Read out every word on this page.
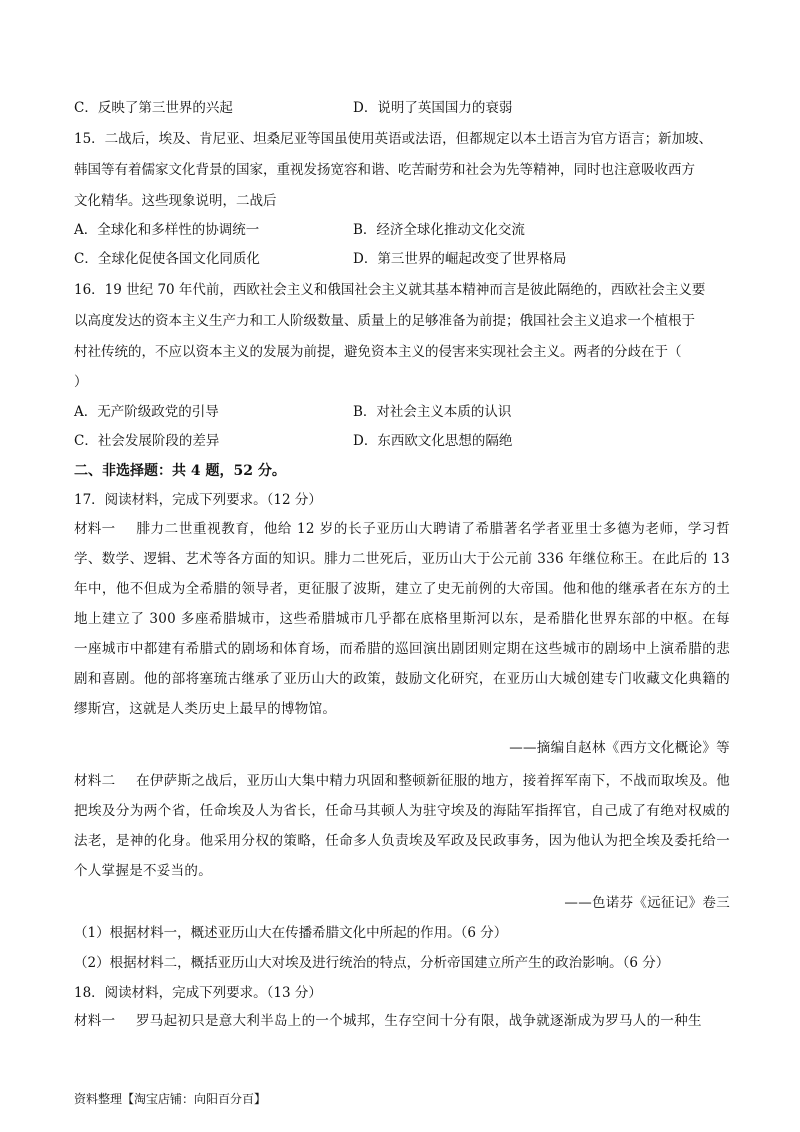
C．反映了第三世界的兴起	D．说明了英国国力的衰弱
15．二战后，埃及、肯尼亚、坦桑尼亚等国虽使用英语或法语，但都规定以本土语言为官方语言；新加坡、
韩国等有着儒家文化背景的国家，重视发扬宽容和谐、吃苦耐劳和社会为先等精神，同时也注意吸收西方
文化精华。这些现象说明，二战后
A．全球化和多样性的协调统一	B．经济全球化推动文化交流
C．全球化促使各国文化同质化	D．第三世界的崛起改变了世界格局
16．19 世纪 70 年代前，西欧社会主义和俄国社会主义就其基本精神而言是彼此隔绝的，西欧社会主义要
以高度发达的资本主义生产力和工人阶级数量、质量上的足够准备为前提；俄国社会主义追求一个植根于
村社传统的，不应以资本主义的发展为前提，避免资本主义的侵害来实现社会主义。两者的分歧在于（
）
A．无产阶级政党的引导	B．对社会主义本质的认识
C．社会发展阶段的差异	D．东西欧文化思想的隔绝
二、非选择题：共 4 题，52 分。
17．阅读材料，完成下列要求。（12 分）
材料一 腓力二世重视教育，他给 12 岁的长子亚历山大聘请了希腊著名学者亚里士多德为老师，学习哲学、数学、逻辑、艺术等各方面的知识。腓力二世死后，亚历山大于公元前 336 年继位称王。在此后的 13 年中，他不但成为全希腊的领导者，更征服了波斯，建立了史无前例的大帝国。他和他的继承者在东方的土地上建立了 300 多座希腊城市，这些希腊城市几乎都在底格里斯河以东，是希腊化世界东部的中枢。在每一座城市中都建有希腊式的剧场和体育场，而希腊的巡回演出剧团则定期在这些城市的剧场中上演希腊的悲剧和喜剧。他的部将塞琉古继承了亚历山大的政策，鼓励文化研究，在亚历山大城创建专门收藏文化典籍的缪斯宫，这就是人类历史上最早的博物馆。
——摘编自赵林《西方文化概论》等
材料二 在伊萨斯之战后，亚历山大集中精力巩固和整顿新征服的地方，接着挥军南下，不战而取埃及。他把埃及分为两个省，任命埃及人为省长，任命马其顿人为驻守埃及的海陆军指挥官，自己成了有绝对权威的法老，是神的化身。他采用分权的策略，任命多人负责埃及军政及民政事务，因为他认为把全埃及委托给一个人掌握是不妥当的。
——色诺芬《远征记》卷三
（1）根据材料一，概述亚历山大在传播希腊文化中所起的作用。（6 分）
（2）根据材料二，概括亚历山大对埃及进行统治的特点，分析帝国建立所产生的政治影响。（6 分）
18．阅读材料，完成下列要求。（13 分）
材料一 罗马起初只是意大利半岛上的一个城邦，生存空间十分有限，战争就逐渐成为罗马人的一种生
资料整理【淘宝店铺：向阳百分百】
